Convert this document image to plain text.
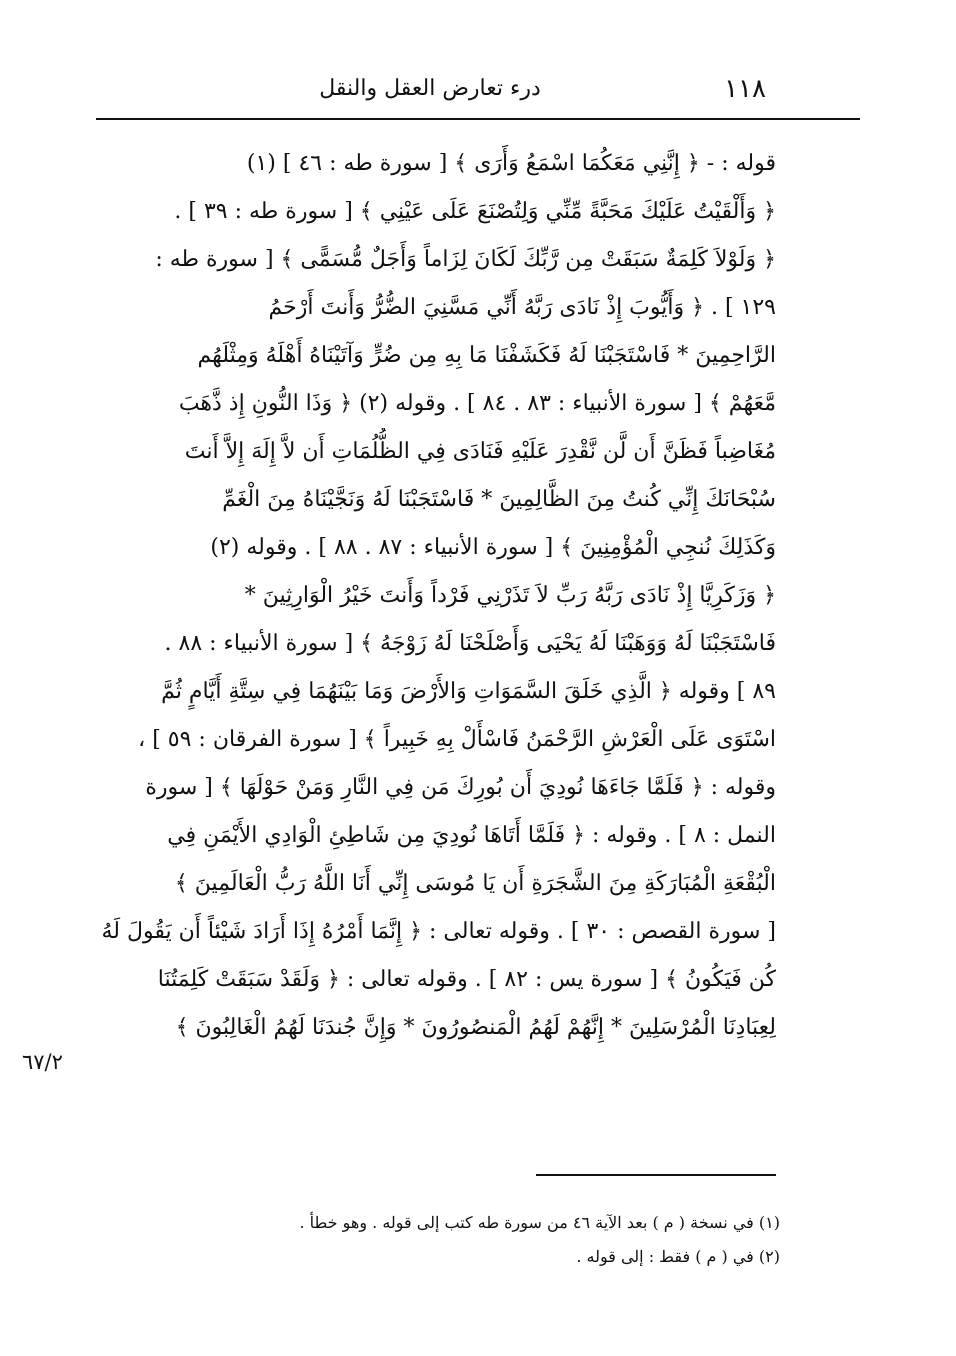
١١٨
درء تعارض العقل والنقل
قوله : - ﴿ إِنَّنِي مَعَكُمَا اسْمَعُ وَأَرَى ﴾ [ سورة طه : ٤٦ ] (١)
﴿ وَأَلْقَيْتُ عَلَيْكَ مَحَبَّةً مِّنِّي وَلِتُصْنَعَ عَلَى عَيْنِي ﴾ [ سورة طه : ٣٩ ] .
﴿ وَلَوْلاَ كَلِمَةٌ سَبَقَتْ مِن رَّبِّكَ لَكَانَ لِزَاماً وَأَجَلٌ مُّسَمًّى ﴾ [ سورة طه :
١٢٩ ] . ﴿ وَأَيُّوبَ إِذْ نَادَى رَبَّهُ أَنِّي مَسَّنِيَ الضُّرُّ وَأَنتَ أَرْحَمُ
الرَّاحِمِينَ * فَاسْتَجَبْنَا لَهُ فَكَشَفْنَا مَا بِهِ مِن ضُرٍّ وَآتَيْنَاهُ أَهْلَهُ وَمِثْلَهُم
مَّعَهُمْ ﴾ [ سورة الأنبياء : ٨٣ . ٨٤ ] . وقوله (٢) ﴿ وَذَا النُّونِ إِذ ذَّهَبَ
مُغَاضِباً فَظَنَّ أَن لَّن نَّقْدِرَ عَلَيْهِ فَنَادَى فِي الظُّلُمَاتِ أَن لاَّ إِلَهَ إِلاَّ أَنتَ
سُبْحَانَكَ إِنِّي كُنتُ مِنَ الظَّالِمِينَ * فَاسْتَجَبْنَا لَهُ وَنَجَّيْنَاهُ مِنَ الْغَمِّ
وَكَذَلِكَ نُنجِي الْمُؤْمِنِينَ ﴾ [ سورة الأنبياء : ٨٧ . ٨٨ ] . وقوله (٢)
﴿ وَزَكَرِيَّا إِذْ نَادَى رَبَّهُ رَبِّ لاَ تَذَرْنِي فَرْداً وَأَنتَ خَيْرُ الْوَارِثِينَ *
فَاسْتَجَبْنَا لَهُ وَوَهَبْنَا لَهُ يَحْيَى وَأَصْلَحْنَا لَهُ زَوْجَهُ ﴾ [ سورة الأنبياء : ٨٨ .
٨٩ ] وقوله ﴿ الَّذِي خَلَقَ السَّمَوَاتِ وَالأَرْضَ وَمَا بَيْنَهُمَا فِي سِتَّةِ أَيَّامٍ ثُمَّ
اسْتَوَى عَلَى الْعَرْشِ الرَّحْمَنُ فَاسْأَلْ بِهِ خَبِيراً ﴾ [ سورة الفرقان : ٥٩ ] ،
وقوله : ﴿ فَلَمَّا جَاءَهَا نُودِيَ أَن بُورِكَ مَن فِي النَّارِ وَمَنْ حَوْلَهَا ﴾ [ سورة
النمل : ٨ ] . وقوله : ﴿ فَلَمَّا أَتَاهَا نُودِيَ مِن شَاطِئِ الْوَادِي الأَيْمَنِ فِي
الْبُقْعَةِ الْمُبَارَكَةِ مِنَ الشَّجَرَةِ أَن يَا مُوسَى إِنِّي أَنَا اللَّهُ رَبُّ الْعَالَمِينَ ﴾
[ سورة القصص : ٣٠ ] . وقوله تعالى : ﴿ إِنَّمَا أَمْرُهُ إِذَا أَرَادَ شَيْئاً أَن يَقُولَ لَهُ
كُن فَيَكُونُ ﴾ [ سورة يس : ٨٢ ] . وقوله تعالى : ﴿ وَلَقَدْ سَبَقَتْ كَلِمَتُنَا
لِعِبَادِنَا الْمُرْسَلِينَ * إِنَّهُمْ لَهُمُ الْمَنصُورُونَ * وَإِنَّ جُندَنَا لَهُمُ الْغَالِبُونَ ﴾
٦٧/٢
(١) في نسخة ( م ) بعد الآية ٤٦ من سورة طه كتب إلى قوله . وهو خطأ .
(٢) في ( م ) فقط : إلى قوله .
